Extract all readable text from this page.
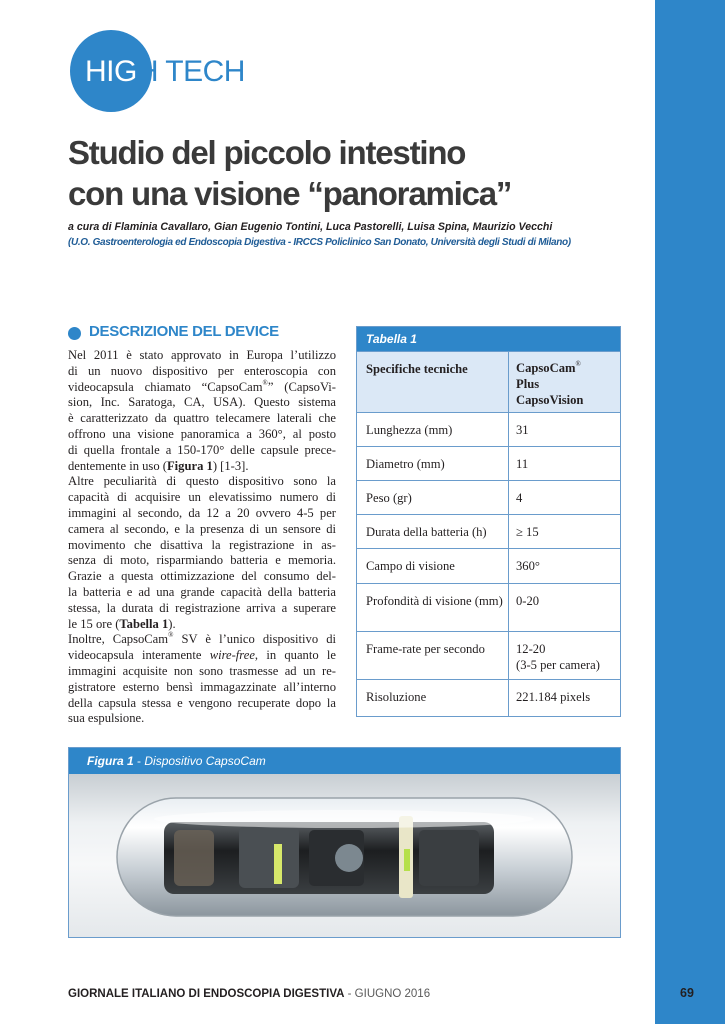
HIGH TECH
Studio del piccolo intestino
con una visione “panoramica”
a cura di Flaminia Cavallaro, Gian Eugenio Tontini, Luca Pastorelli, Luisa Spina, Maurizio Vecchi
(U.O. Gastroenterologia ed Endoscopia Digestiva - IRCCS Policlinico San Donato, Università degli Studi di Milano)
DESCRIZIONE DEL DEVICE
Nel 2011 è stato approvato in Europa l’utilizzo
di un nuovo dispositivo per enteroscopia con
videocapsula chiamato “CapsoCam®” (CapsoVi-
sion, Inc. Saratoga, CA, USA). Questo sistema
è caratterizzato da quattro telecamere laterali che
offrono una visione panoramica a 360°, al posto
di quella frontale a 150-170° delle capsule prece-
dentemente in uso (Figura 1) [1-3].
Altre peculiarità di questo dispositivo sono la
capacità di acquisire un elevatissimo numero di
immagini al secondo, da 12 a 20 ovvero 4-5 per
camera al secondo, e la presenza di un sensore di
movimento che disattiva la registrazione in as-
senza di moto, risparmiando batteria e memoria.
Grazie a questa ottimizzazione del consumo del-
la batteria e ad una grande capacità della batteria
stessa, la durata di registrazione arriva a superare
le 15 ore (Tabella 1).
Inoltre, CapsoCam® SV è l’unico dispositivo di
videocapsula interamente wire-free, in quanto le
immagini acquisite non sono trasmesse ad un re-
gistratore esterno bensì immagazzinate all’interno
della capsula stessa e vengono recuperate dopo la
sua espulsione.
Tabella 1
Specifiche tecniche	CapsoCam®
Plus
CapsoVision
Lunghezza (mm)	31
Diametro (mm)	11
Peso (gr)	4
Durata della batteria (h)	≥ 15
Campo di visione	360°
Profondità di visione (mm)	0-20
Frame-rate per secondo	12-20
(3-5 per camera)
Risoluzione	221.184 pixels
Figura 1 - Dispositivo CapsoCam
GIORNALE ITALIANO DI ENDOSCOPIA DIGESTIVA - GIUGNO 2016	69
